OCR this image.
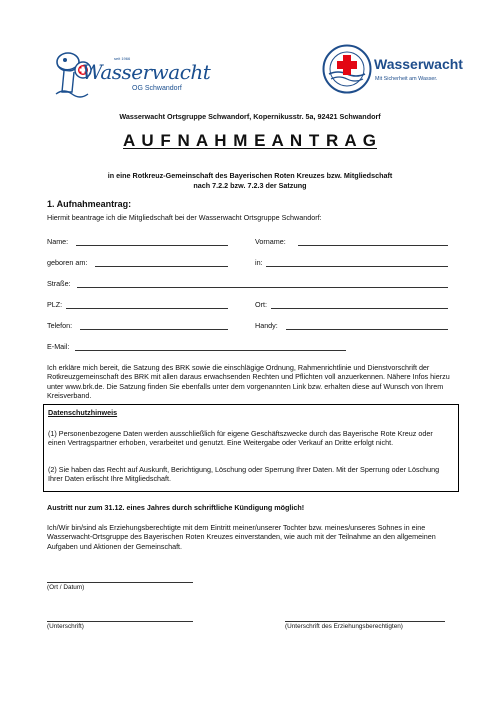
seit 1966
Wasserwacht
OG Schwandorf
Wasserwacht
Mit Sicherheit am Wasser.
Wasserwacht Ortsgruppe Schwandorf, Kopernikusstr. 5a, 92421 Schwandorf
A U F N A H M E A N T R A G
in eine Rotkreuz-Gemeinschaft des Bayerischen Roten Kreuzes bzw. Mitgliedschaft
nach 7.2.2 bzw. 7.2.3 der Satzung
1. Aufnahmeantrag:
Hiermit beantrage ich die Mitgliedschaft bei der Wasserwacht Ortsgruppe Schwandorf:
Name:	Vorname:
geboren am:	in:
Straße:
PLZ:	Ort:
Telefon:	Handy:
E-Mail:
Ich erkläre mich bereit, die Satzung des BRK sowie die einschlägige Ordnung, Rahmenrichtlinie und Dienstvorschrift der Rotkreuzgemeinschaft des BRK mit allen daraus erwachsenden Rechten und Pflichten voll anzuerkennen. Nähere Infos hierzu unter www.brk.de. Die Satzung finden Sie ebenfalls unter dem vorgenannten Link bzw. erhalten diese auf Wunsch von Ihrem Kreisverband.
Datenschutzhinweis
(1) Personenbezogene Daten werden ausschließlich für eigene Geschäftszwecke durch das Bayerische Rote Kreuz oder einen Vertragspartner erhoben, verarbeitet und genutzt. Eine Weitergabe oder Verkauf an Dritte erfolgt nicht.
(2) Sie haben das Recht auf Auskunft, Berichtigung, Löschung oder Sperrung Ihrer Daten. Mit der Sperrung oder Löschung Ihrer Daten erlischt Ihre Mitgliedschaft.
Austritt nur zum 31.12. eines Jahres durch schriftliche Kündigung möglich!
Ich/Wir bin/sind als Erziehungsberechtigte mit dem Eintritt meiner/unserer Tochter bzw. meines/unseres Sohnes in eine Wasserwacht-Ortsgruppe des Bayerischen Roten Kreuzes einverstanden, wie auch mit der Teilnahme an den allgemeinen Aufgaben und Aktionen der Gemeinschaft.
(Ort / Datum)
(Unterschrift)	(Unterschrift des Erziehungsberechtigten)
